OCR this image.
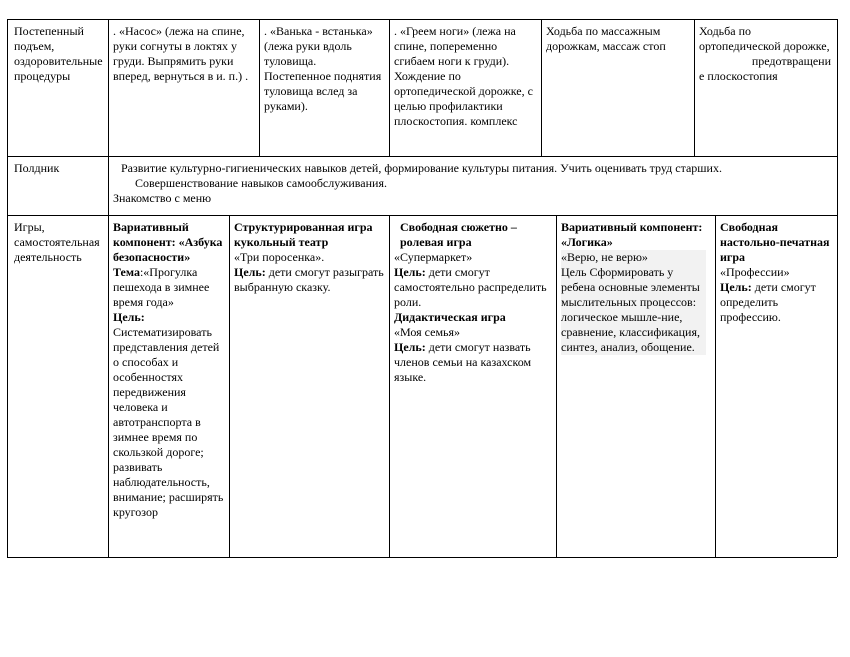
Постепенный подъем, оздоровительные процедуры
. «Насос» (лежа на спине, руки согнуты в локтях у груди. Выпрямить руки вперед, вернуться в и. п.) .
. «Ванька - встанька» (лежа руки вдоль туловища. Постепенное поднятия туловища вслед за руками).
. «Греем ноги» (лежа на спине, попеременно сгибаем ноги к груди). Хождение по ортопедической дорожке, с целью профилактики плоскостопия. комплекс
Ходьба по массажным дорожкам, массаж стоп

Ходьба по ортопедической дорожке,

предотвращени

е плоскостопия

Полдник	Развитие культурно-гигиенических навыков детей, формирование культуры питания. Учить оценивать труд старших.

Совершенствование навыков самообслуживания.

Знакомство с меню

Игры, самостоятельная деятельность

Вариативный компонент: «Азбука безопасности»

Тема:«Прогулка пешехода в зимнее время года»

Цель:

Систематизировать представления детей о способах и особенностях передвижения человека и автотранспорта в зимнее время по скользкой дороге; развивать наблюдательность, внимание; расширять кругозор

Структурированная игра кукольный театр

«Три поросенка».

Цель: дети смогут разыграть выбранную сказку.

Свободная сюжетно – ролевая игра

«Супермаркет»

Цель: дети смогут самостоятельно распределить роли.

Дидактическая игра

«Моя семья»

Цель: дети смогут назвать членов семьи на казахском языке.

Вариативный компонент: «Логика»

«Верю, не верю»

Цель Сформировать у ребена основные элементы мыслительных процессов: логическое мышле-ние, сравнение, классификация, синтез, анализ, обощение.

Свободная настольно-печатная игра

«Профессии»

Цель: дети смогут определить профессию.
